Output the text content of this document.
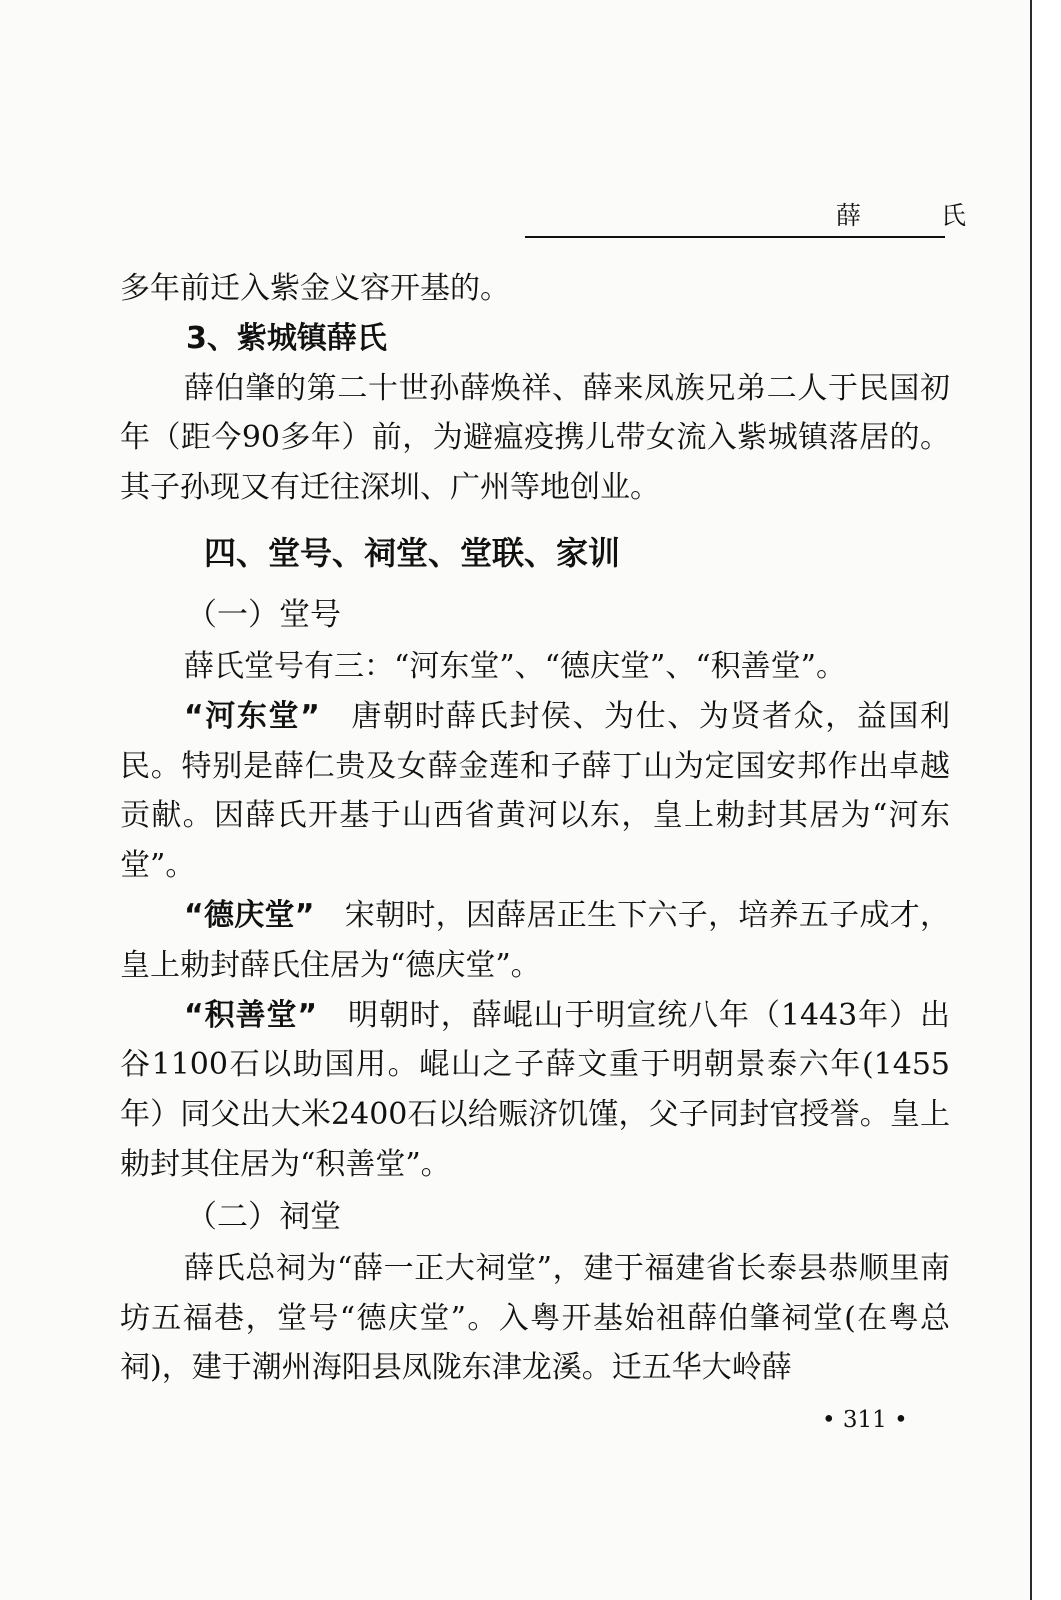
薛 氏

多年前迁入紫金义容开基的。

3、紫城镇薛氏

薛伯肇的第二十世孙薛焕祥、薛来凤族兄弟二人于民国初年（距今90多年）前，为避瘟疫携儿带女流入紫城镇落居的。其子孙现又有迁往深圳、广州等地创业。

四、堂号、祠堂、堂联、家训
（一）堂号

薛氏堂号有三：“河东堂”、“德庆堂”、“积善堂”。

“河东堂” 唐朝时薛氏封侯、为仕、为贤者众，益国利民。特别是薛仁贵及女薛金莲和子薛丁山为定国安邦作出卓越贡献。因薛氏开基于山西省黄河以东，皇上勅封其居为“河东堂”。

“德庆堂” 宋朝时，因薛居正生下六子，培养五子成才，皇上勅封薛氏住居为“德庆堂”。

“积善堂” 明朝时，薛崐山于明宣统八年（1443年）出谷1100石以助国用。崐山之子薛文重于明朝景泰六年(1455年）同父出大米2400石以给赈济饥馑，父子同封官授誉。皇上勅封其住居为“积善堂”。

（二）祠堂

薛氏总祠为“薛一正大祠堂”，建于福建省长泰县恭顺里南坊五福巷，堂号“德庆堂”。入粤开基始祖薛伯肇祠堂(在粤总祠)，建于潮州海阳县凤陇东津龙溪。迁五华大岭薛

• 311 •
